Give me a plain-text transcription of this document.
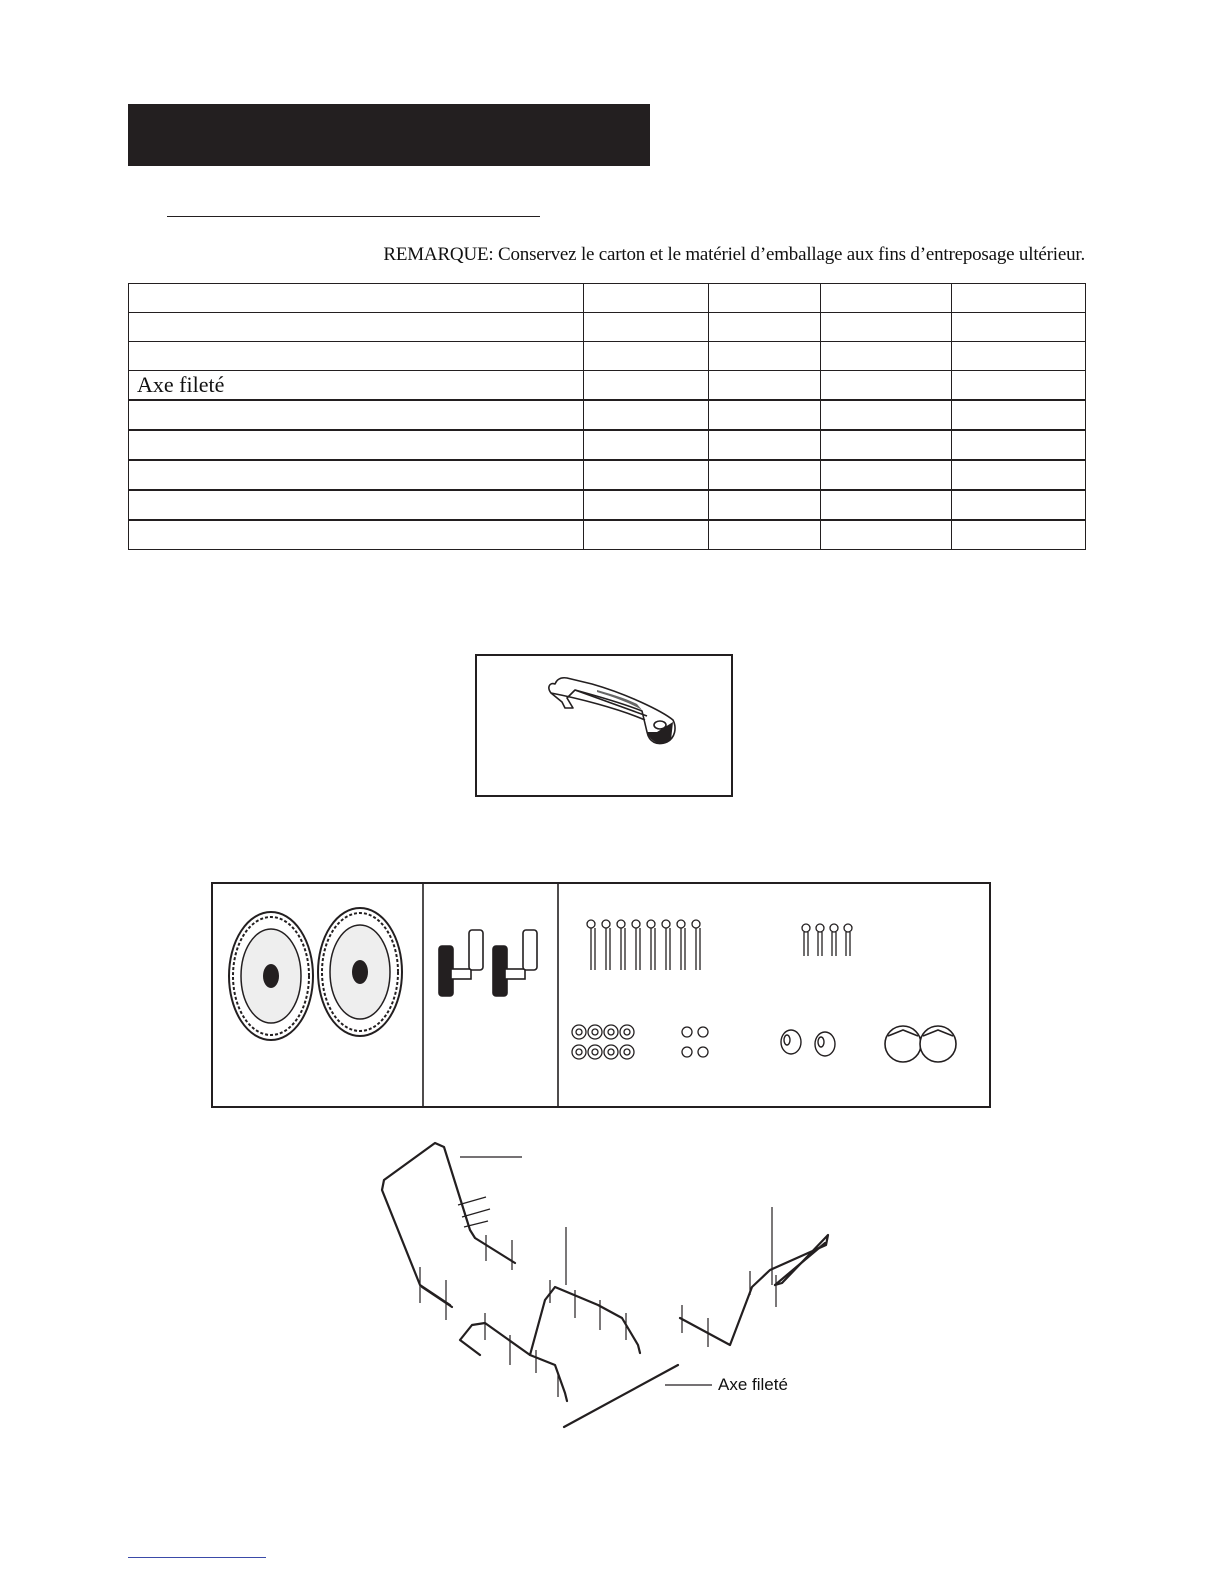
REMARQUE: Conservez le carton et le matériel d’emballage aux fins d’entreposage ultérieur.

Axe fileté				

Axe fileté
